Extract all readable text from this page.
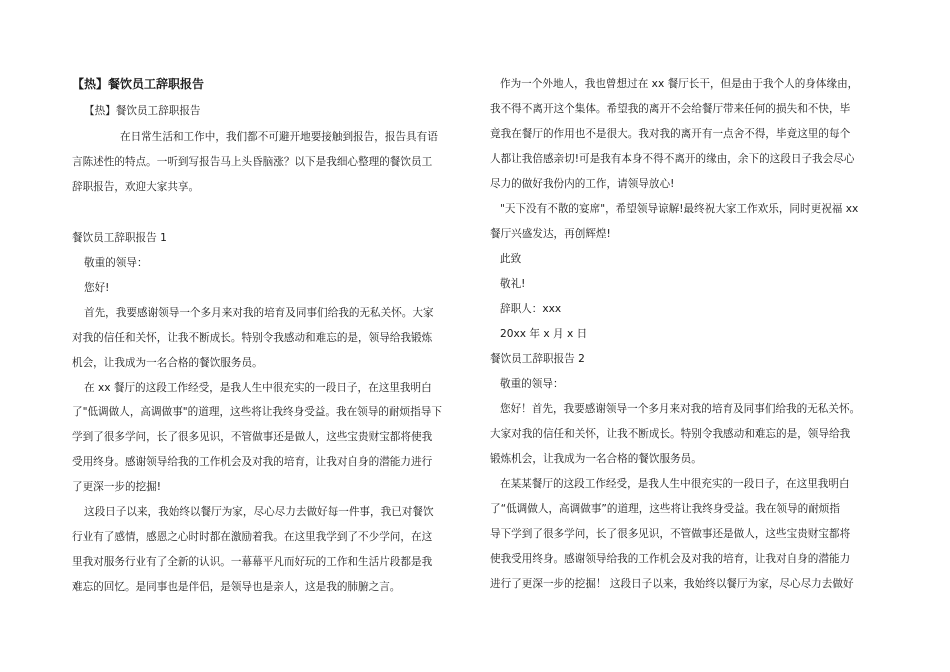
【热】餐饮员工辞职报告
【热】餐饮员工辞职报告
在日常生活和工作中，我们都不可避开地要接触到报告，报告具有语
言陈述性的特点。一听到写报告马上头昏脑涨？以下是我细心整理的餐饮员工
辞职报告，欢迎大家共享。
餐饮员工辞职报告 1
敬重的领导：
您好!
首先，我要感谢领导一个多月来对我的培育及同事们给我的无私关怀。大家
对我的信任和关怀，让我不断成长。特别令我感动和难忘的是，领导给我锻炼
机会，让我成为一名合格的餐饮服务员。
在 xx 餐厅的这段工作经受，是我人生中很充实的一段日子，在这里我明白
了"低调做人，高调做事"的道理，这些将让我终身受益。我在领导的耐烦指导下
学到了很多学问，长了很多见识，不管做事还是做人，这些宝贵财宝都将使我
受用终身。感谢领导给我的工作机会及对我的培育，让我对自身的潜能力进行
了更深一步的挖掘!
这段日子以来，我始终以餐厅为家，尽心尽力去做好每一件事，我已对餐饮
行业有了感情，感恩之心时时都在激励着我。在这里我学到了不少学问，在这
里我对服务行业有了全新的认识。一幕幕平凡而好玩的工作和生活片段都是我
难忘的回忆。是同事也是伴侣，是领导也是亲人，这是我的肺腑之言。
作为一个外地人，我也曾想过在 xx 餐厅长干，但是由于我个人的身体缘由，
我不得不离开这个集体。希望我的离开不会给餐厅带来任何的损失和不快，毕
竟我在餐厅的作用也不是很大。我对我的离开有一点舍不得，毕竟这里的每个
人都让我倍感亲切!可是我有本身不得不离开的缘由，余下的这段日子我会尽心
尽力的做好我份内的工作，请领导放心!
"天下没有不散的宴席"，希望领导谅解!最终祝大家工作欢乐，同时更祝福 xx
餐厅兴盛发达，再创辉煌!
此致
敬礼!
辞职人：xxx
20xx 年 x 月 x 日
餐饮员工辞职报告 2
敬重的领导：
您好！首先，我要感谢领导一个多月来对我的培育及同事们给我的无私关怀。
大家对我的信任和关怀，让我不断成长。特别令我感动和难忘的是，领导给我
锻炼机会，让我成为一名合格的餐饮服务员。
在某某餐厅的这段工作经受，是我人生中很充实的一段日子，在这里我明白
了“低调做人，高调做事”的道理，这些将让我终身受益。我在领导的耐烦指
导下学到了很多学问，长了很多见识，不管做事还是做人，这些宝贵财宝都将
使我受用终身。感谢领导给我的工作机会及对我的培育，让我对自身的潜能力
进行了更深一步的挖掘！ 这段日子以来，我始终以餐厅为家，尽心尽力去做好
